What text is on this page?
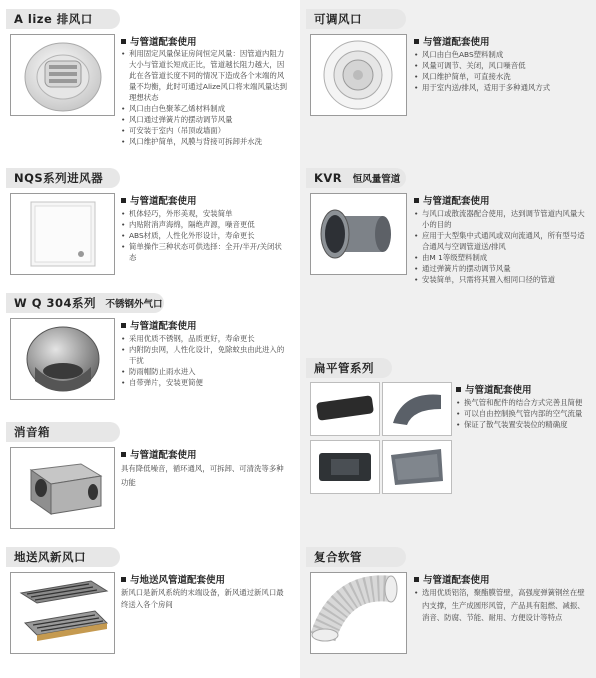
A lize 排风口
与管道配套使用
• 利用固定风量保证房间恒定风量：因管道内阻力大小与管道长短成正比，管道越长阻力越大，因此在各管道长度不同的情况下造成各个末端的风量不均衡，此时可通过Alize风口将末端风量达到理想状态
• 风口由白色聚苯乙烯材料制成
• 风口通过弹簧片的摆动调节风量
• 可安装于室内（吊顶或墙面）
• 风口维护简单，风膜与背接可拆卸并水洗
可调风口
与管道配套使用
• 风口由白色ABS塑料制成
• 风量可调节、关闭，风口噪音低
• 风口维护简单，可直接水洗
• 用于室内送/排风，适用于多种通风方式
NQS系列进风器
与管道配套使用
• 机体轻巧，外形美观，安装简单
• 内贴附消声海绵，隔绝声源，噪音更低
• ABS材质，人性化外形设计，寿命更长
• 简单操作三种状态可供选择：全开/半开/关闭状态
KVR 恒风量管道
与管道配套使用
• 与风口或散流器配合使用，达到调节管道内风量大小的目的
• 应用于大型集中式通风或双向流通风，所有型号适合通风与空调管道送/排风
• 由M 1等级塑料制成
• 通过弹簧片的摆动调节风量
• 安装简单，只需将其置入相同口径的管道
W Q 304系列 不锈钢外气口
与管道配套使用
• 采用优质不锈钢，品质更好，寿命更长
• 内附防虫网，人性化设计，免除蚊虫由此进入的干扰
• 防雨帽防止雨水进入
• 自带弹片，安装更简便
扁平管系列
与管道配套使用
• 换气管和配件的结合方式完善且简便
• 可以自由控制换气管内部的空气流量
• 保证了散气装置安装位的精确度
消音箱
与管道配套使用

具有降低噪音，循环通风，可拆卸、可清洗等多种功能

地送风新风口
与地送风管道配套使用

新风口是新风系统的末端设备，新风通过新风口最终送入各个房间

复合软管
与管道配套使用
• 选用优质铝箔，聚酯膜管壁，高强度弹簧钢丝在壁内支撑，生产成圆形风管，产品具有阻燃、减振、消音、防腐、节能、耐用、方便设计等特点
